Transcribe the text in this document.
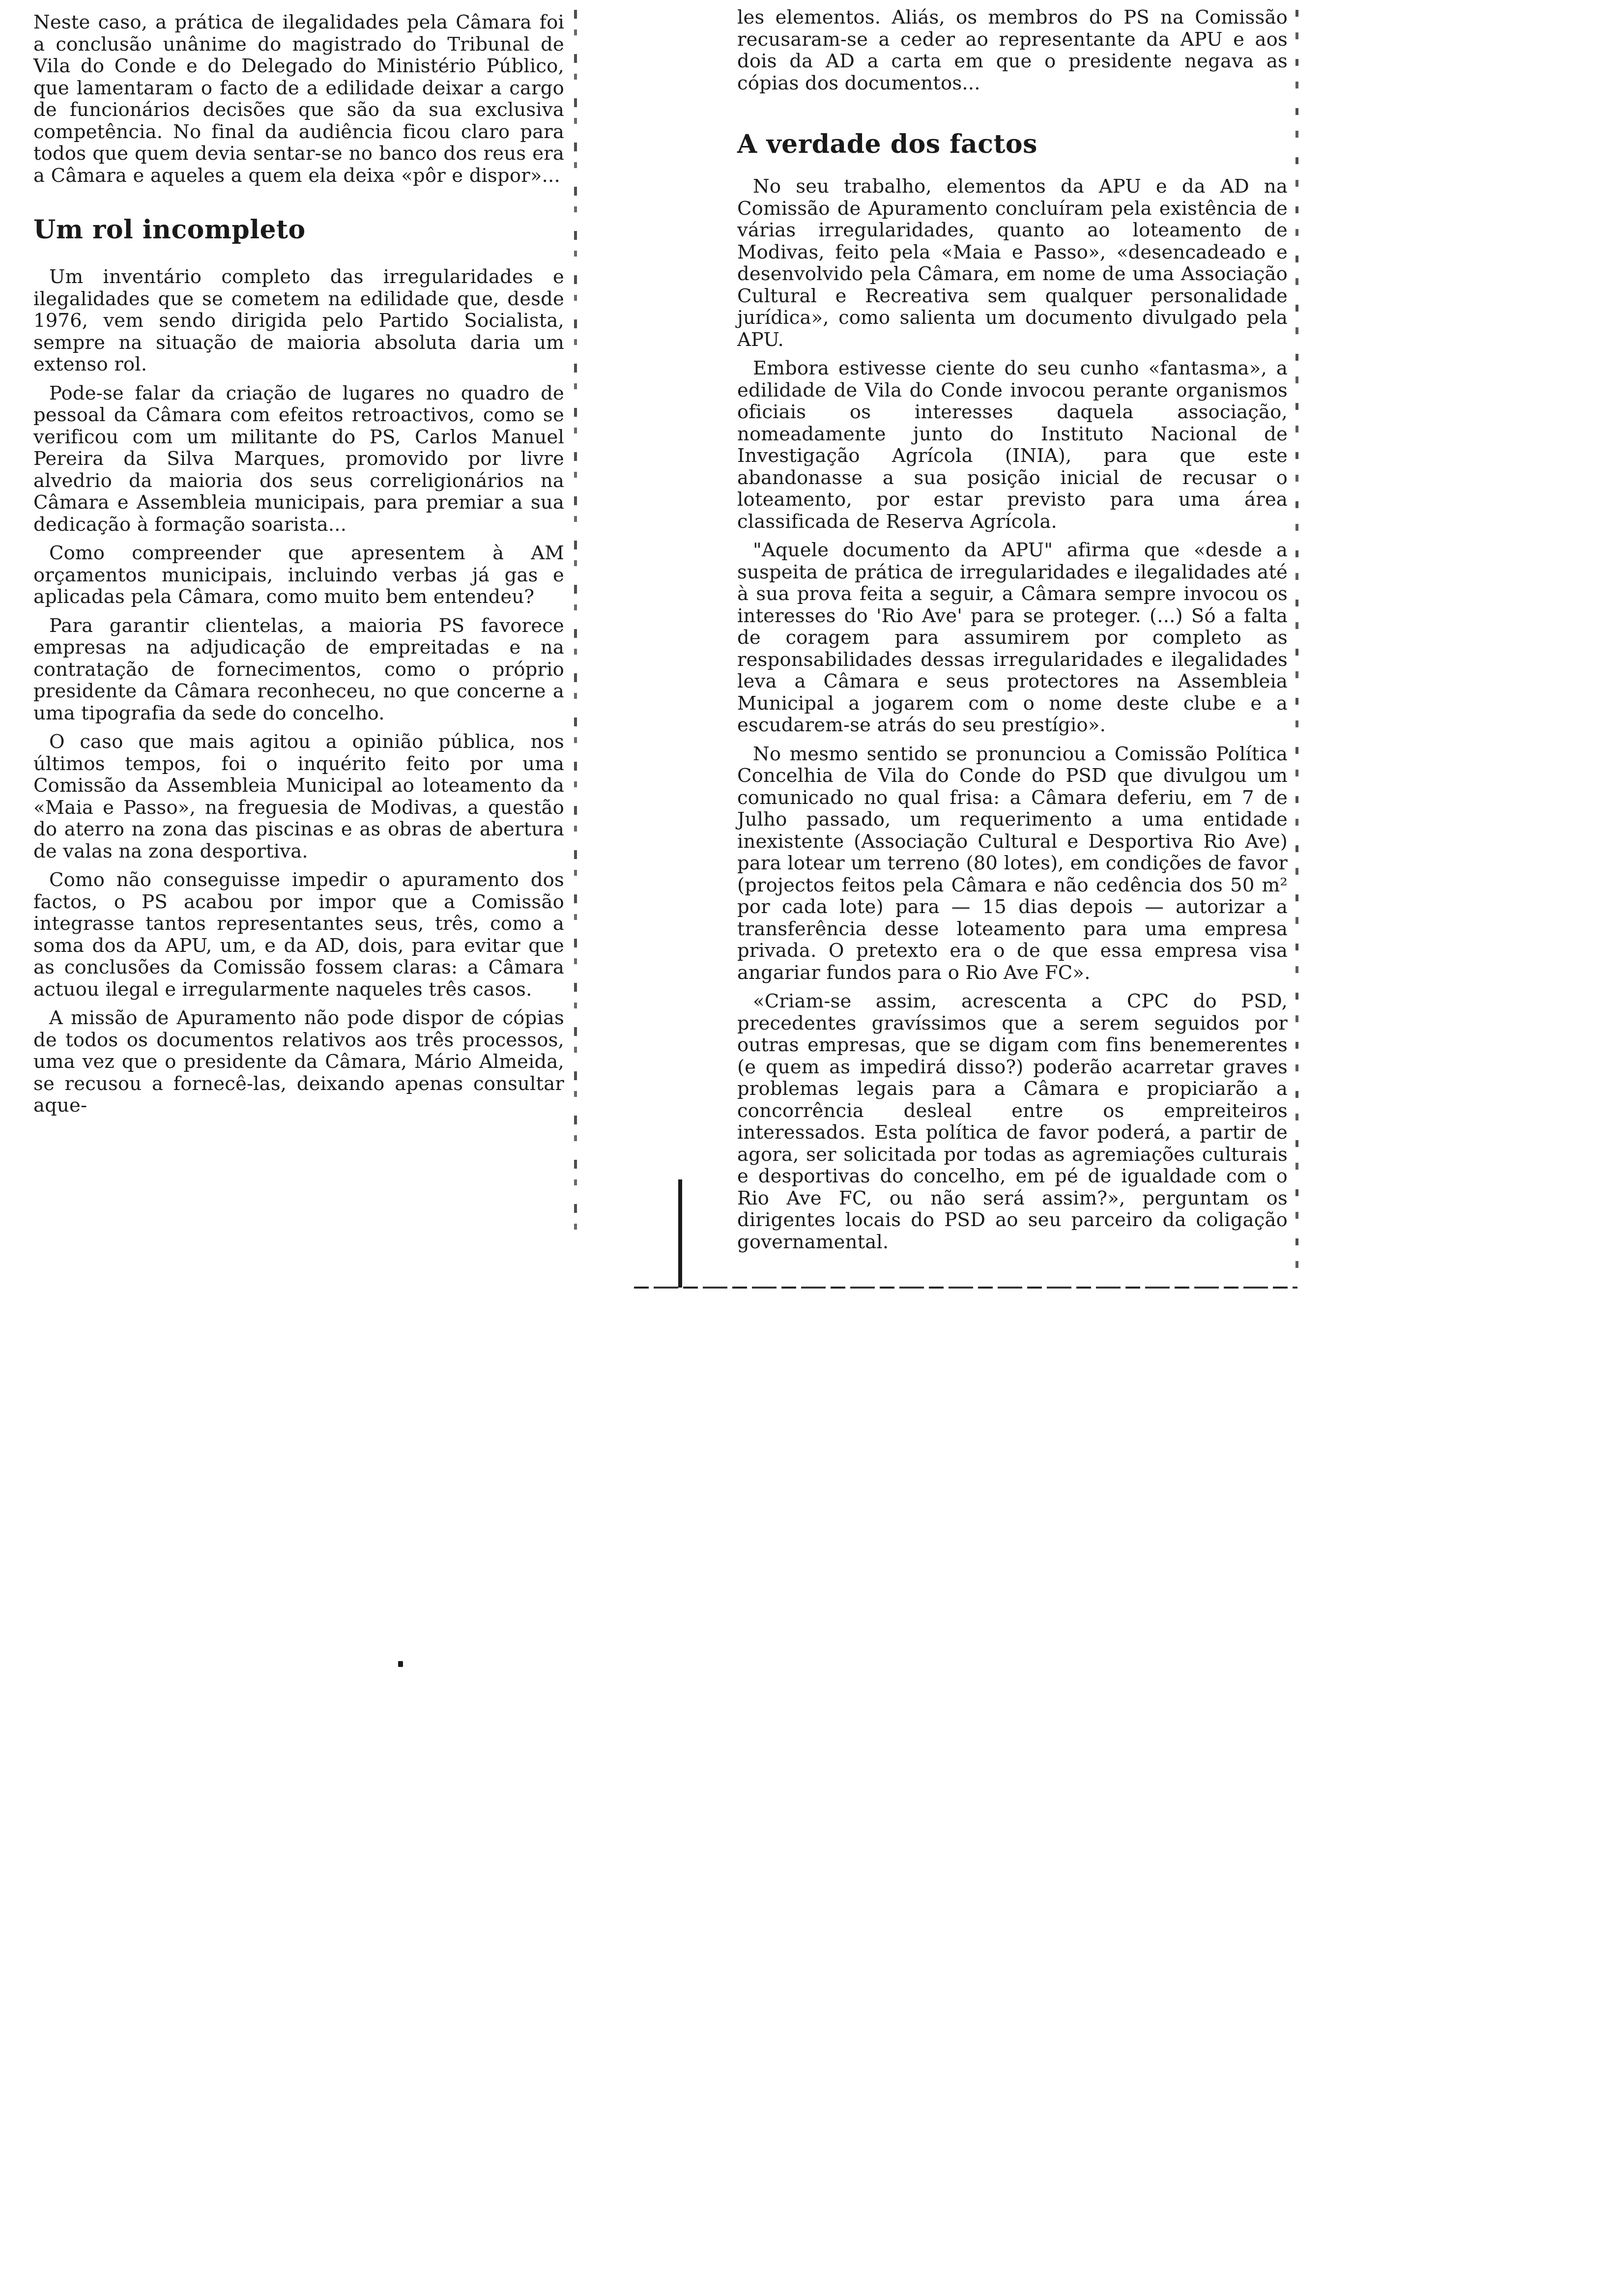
Neste caso, a prática de ilegalidades pela Câmara foi a conclusão unânime do magistrado do Tribunal de Vila do Conde e do Delegado do Ministério Público, que lamentaram o facto de a edilidade deixar a cargo de funcionários decisões que são da sua exclusiva competência. No final da audiência ficou claro para todos que quem devia sentar-se no banco dos reus era a Câmara e aqueles a quem ela deixa «pôr e dispor»...

Um rol incompleto

Um inventário completo das irregularidades e ilegalidades que se cometem na edilidade que, desde 1976, vem sendo dirigida pelo Partido Socialista, sempre na situação de maioria absoluta daria um extenso rol.

Pode-se falar da criação de lugares no quadro de pessoal da Câmara com efeitos retroactivos, como se verificou com um militante do PS, Carlos Manuel Pereira da Silva Marques, promovido por livre alvedrio da maioria dos seus correligionários na Câmara e Assembleia municipais, para premiar a sua dedicação à formação soarista...

Como compreender que apresentem à AM orçamentos municipais, incluindo verbas já gas e aplicadas pela Câmara, como muito bem entendeu?

Para garantir clientelas, a maioria PS favorece empresas na adjudicação de empreitadas e na contratação de fornecimentos, como o próprio presidente da Câmara reconheceu, no que concerne a uma tipografia da sede do concelho.

O caso que mais agitou a opinião pública, nos últimos tempos, foi o inquérito feito por uma Comissão da Assembleia Municipal ao loteamento da «Maia e Passo», na freguesia de Modivas, a questão do aterro na zona das piscinas e as obras de abertura de valas na zona desportiva.

Como não conseguisse impedir o apuramento dos factos, o PS acabou por impor que a Comissão integrasse tantos representantes seus, três, como a soma dos da APU, um, e da AD, dois, para evitar que as conclusões da Comissão fossem claras: a Câmara actuou ilegal e irregularmente naqueles três casos.

A missão de Apuramento não pode dispor de cópias de todos os documentos relativos aos três processos, uma vez que o presidente da Câmara, Mário Almeida, se recusou a fornecê-las, deixando apenas consultar aque-

les elementos. Aliás, os membros do PS na Comissão recusaram-se a ceder ao representante da APU e aos dois da AD a carta em que o presidente negava as cópias dos documentos...

A verdade dos factos

No seu trabalho, elementos da APU e da AD na Comissão de Apuramento concluíram pela existência de várias irregularidades, quanto ao loteamento de Modivas, feito pela «Maia e Passo», «desencadeado e desenvolvido pela Câmara, em nome de uma Associação Cultural e Recreativa sem qualquer personalidade jurídica», como salienta um documento divulgado pela APU.

Embora estivesse ciente do seu cunho «fantasma», a edilidade de Vila do Conde invocou perante organismos oficiais os interesses daquela associação, nomeadamente junto do Instituto Nacional de Investigação Agrícola (INIA), para que este abandonasse a sua posição inicial de recusar o loteamento, por estar previsto para uma área classificada de Reserva Agrícola.

"Aquele documento da APU" afirma que «desde a suspeita de prática de irregularidades e ilegalidades até à sua prova feita a seguir, a Câmara sempre invocou os interesses do 'Rio Ave' para se proteger. (...) Só a falta de coragem para assumirem por completo as responsabilidades dessas irregularidades e ilegalidades leva a Câmara e seus protectores na Assembleia Municipal a jogarem com o nome deste clube e a escudarem-se atrás do seu prestígio».

No mesmo sentido se pronunciou a Comissão Política Concelhia de Vila do Conde do PSD que divulgou um comunicado no qual frisa: a Câmara deferiu, em 7 de Julho passado, um requerimento a uma entidade inexistente (Associação Cultural e Desportiva Rio Ave) para lotear um terreno (80 lotes), em condições de favor (projectos feitos pela Câmara e não cedência dos 50 m² por cada lote) para — 15 dias depois — autorizar a transferência desse loteamento para uma empresa privada. O pretexto era o de que essa empresa visa angariar fundos para o Rio Ave FC».

«Criam-se assim, acrescenta a CPC do PSD, precedentes gravíssimos que a serem seguidos por outras empresas, que se digam com fins benemerentes (e quem as impedirá disso?) poderão acarretar graves problemas legais para a Câmara e propiciarão a concorrência desleal entre os empreiteiros interessados. Esta política de favor poderá, a partir de agora, ser solicitada por todas as agremiações culturais e desportivas do concelho, em pé de igualdade com o Rio Ave FC, ou não será assim?», perguntam os dirigentes locais do PSD ao seu parceiro da coligação governamental.
